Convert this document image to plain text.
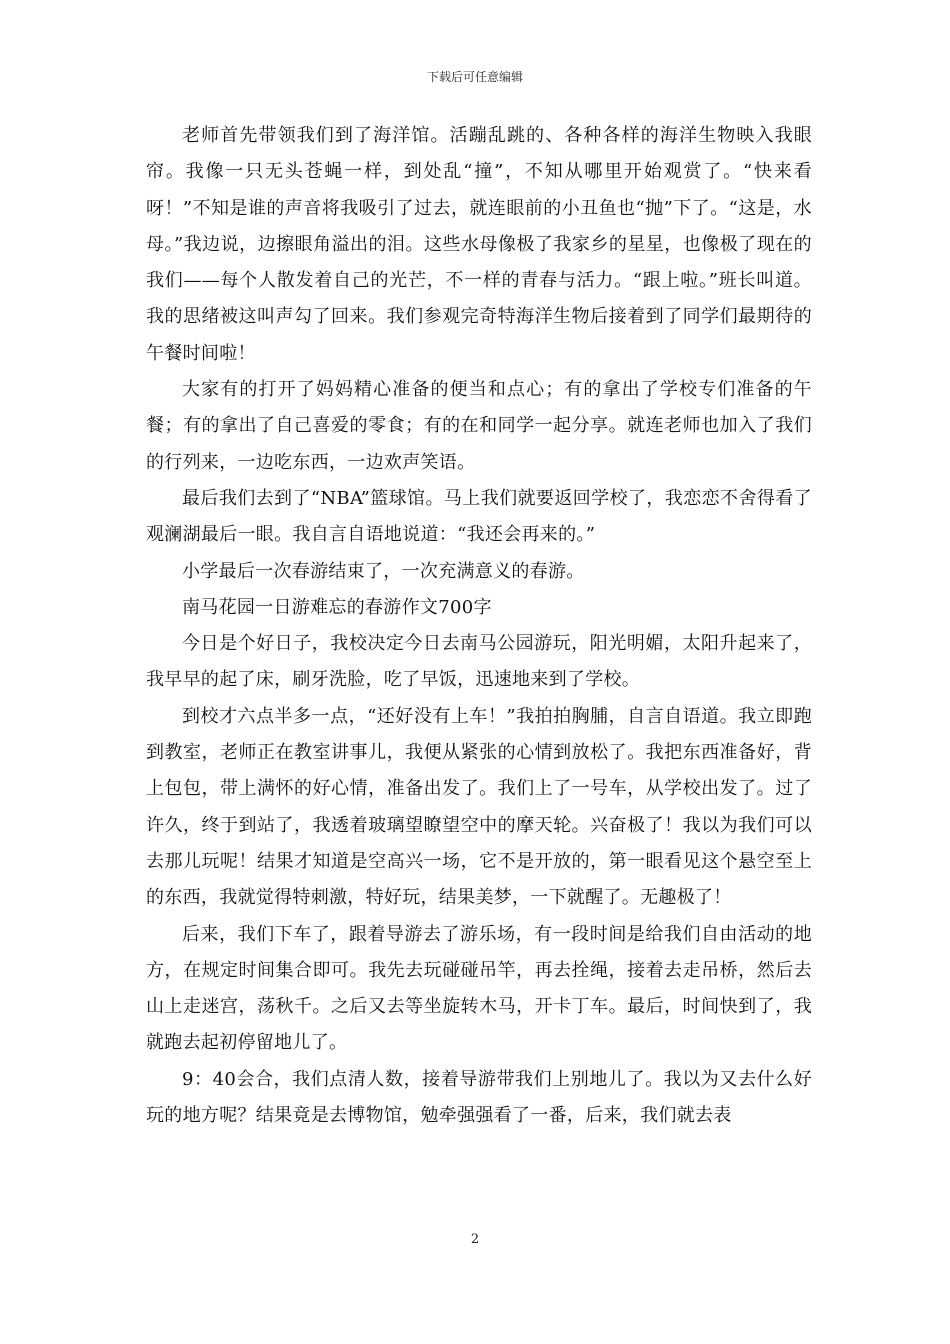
下载后可任意编辑

老师首先带领我们到了海洋馆。活蹦乱跳的、各种各样的海洋生物映入我眼帘。我像一只无头苍蝇一样，到处乱“撞”，不知从哪里开始观赏了。“快来看呀！”不知是谁的声音将我吸引了过去，就连眼前的小丑鱼也“抛”下了。“这是，水母。”我边说，边擦眼角溢出的泪。这些水母像极了我家乡的星星，也像极了现在的我们——每个人散发着自己的光芒，不一样的青春与活力。“跟上啦。”班长叫道。我的思绪被这叫声勾了回来。我们参观完奇特海洋生物后接着到了同学们最期待的午餐时间啦！

大家有的打开了妈妈精心准备的便当和点心；有的拿出了学校专们准备的午餐；有的拿出了自己喜爱的零食；有的在和同学一起分享。就连老师也加入了我们的行列来，一边吃东西，一边欢声笑语。

最后我们去到了“NBA”篮球馆。马上我们就要返回学校了，我恋恋不舍得看了观澜湖最后一眼。我自言自语地说道：“我还会再来的。”

小学最后一次春游结束了，一次充满意义的春游。

南马花园一日游难忘的春游作文700字

今日是个好日子，我校决定今日去南马公园游玩，阳光明媚，太阳升起来了，我早早的起了床，刷牙洗脸，吃了早饭，迅速地来到了学校。

到校才六点半多一点，“还好没有上车！”我拍拍胸脯，自言自语道。我立即跑到教室，老师正在教室讲事儿，我便从紧张的心情到放松了。我把东西准备好，背上包包，带上满怀的好心情，准备出发了。我们上了一号车，从学校出发了。过了许久，终于到站了，我透着玻璃望瞭望空中的摩天轮。兴奋极了！我以为我们可以去那儿玩呢！结果才知道是空高兴一场，它不是开放的，第一眼看见这个悬空至上的东西，我就觉得特刺激，特好玩，结果美梦，一下就醒了。无趣极了！

后来，我们下车了，跟着导游去了游乐场，有一段时间是给我们自由活动的地方，在规定时间集合即可。我先去玩碰碰吊竿，再去拴绳，接着去走吊桥，然后去山上走迷宫，荡秋千。之后又去等坐旋转木马，开卡丁车。最后，时间快到了，我就跑去起初停留地儿了。

9：40会合，我们点清人数，接着导游带我们上别地儿了。我以为又去什么好玩的地方呢？结果竟是去博物馆，勉牵强强看了一番，后来，我们就去表

2
